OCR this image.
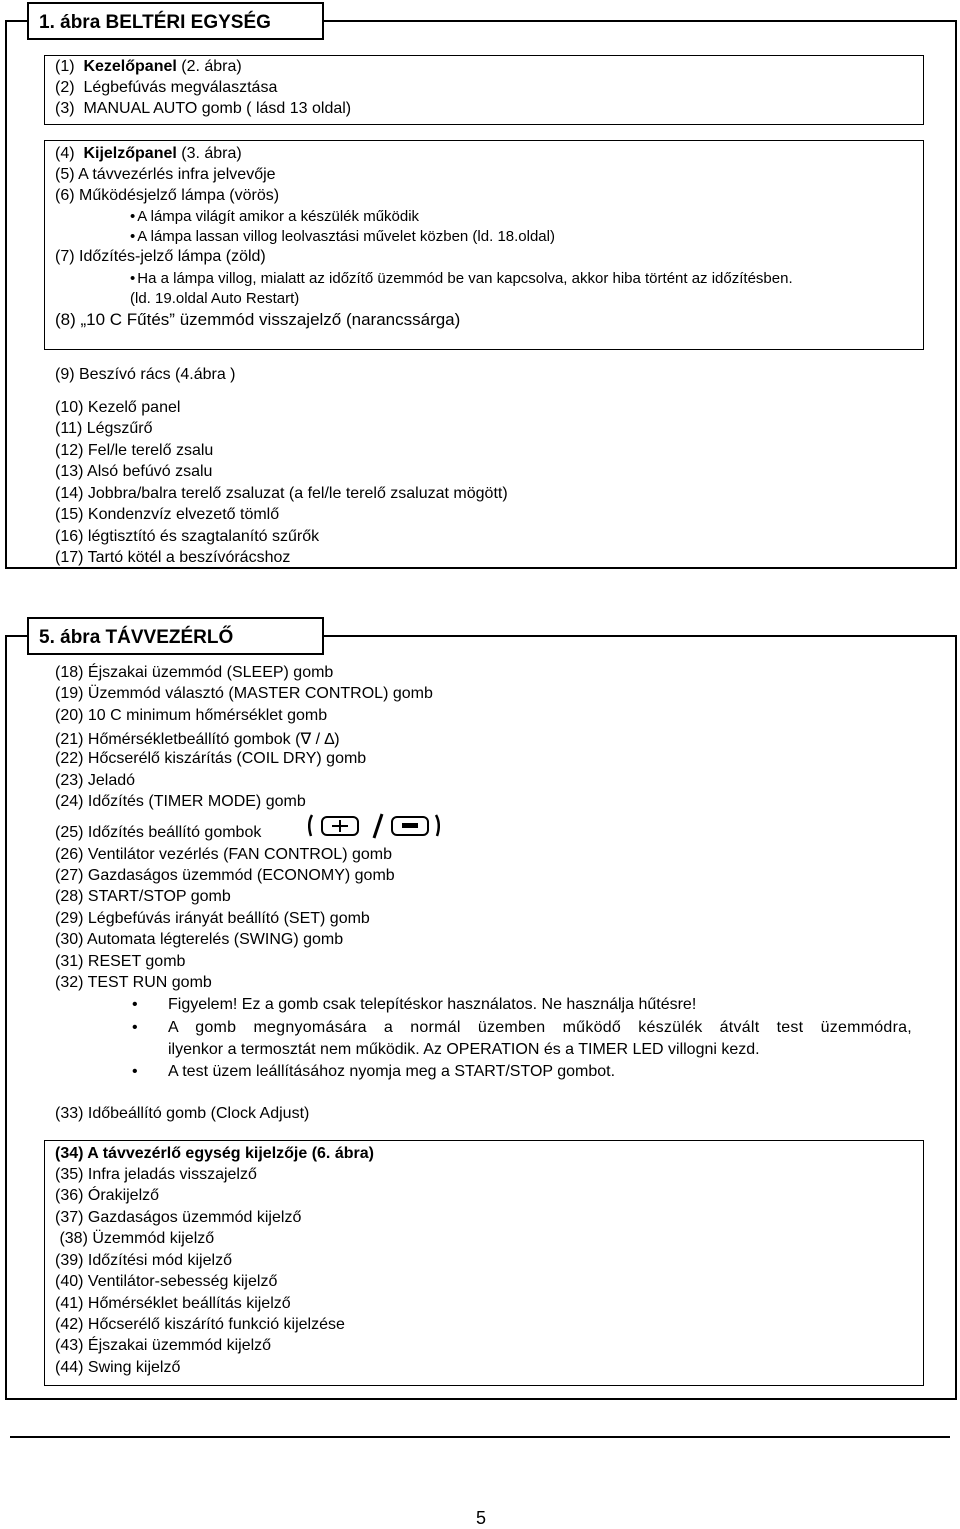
1. ábra BELTÉRI EGYSÉG
(1) Kezelőpanel (2. ábra)
(2) Légbefúvás megválasztása
(3) MANUAL AUTO gomb ( lásd 13 oldal)
(4) Kijelzőpanel (3. ábra)
(5) A távvezérlés infra jelvevője
(6) Működésjelző lámpa (vörös)
• A lámpa világít amikor a készülék működik
• A lámpa lassan villog leolvasztási művelet közben (ld. 18.oldal)
(7) Időzítés-jelző lámpa (zöld)
• Ha a lámpa villog, mialatt az időzítő üzemmód be van kapcsolva, akkor hiba történt az időzítésben.
(ld. 19.oldal Auto Restart)
(8) „10 C Fűtés” üzemmód visszajelző (narancssárga)
(9) Beszívó rács (4.ábra )
(10) Kezelő panel
(11) Légszűrő
(12) Fel/le terelő zsalu
(13) Alsó befúvó zsalu
(14) Jobbra/balra terelő zsaluzat (a fel/le terelő zsaluzat mögött)
(15) Kondenzvíz elvezető tömlő
(16) légtisztító és szagtalanító szűrők
(17) Tartó kötél a beszívórácshoz
5. ábra TÁVVEZÉRLŐ
(18) Éjszakai üzemmód (SLEEP) gomb
(19) Üzemmód választó (MASTER CONTROL) gomb
(20) 10 C minimum hőmérséklet gomb
(21) Hőmérsékletbeállító gombok (∇ / ∆)
(22) Hőcserélő kiszárítás (COIL DRY) gomb
(23) Jeladó
(24) Időzítés (TIMER MODE) gomb
(25) Időzítés beállító gombok
(26) Ventilátor vezérlés (FAN CONTROL) gomb
(27) Gazdaságos üzemmód (ECONOMY) gomb
(28) START/STOP gomb
(29) Légbefúvás irányát beállító (SET) gomb
(30) Automata légterelés (SWING) gomb
(31) RESET gomb
(32) TEST RUN gomb
• Figyelem! Ez a gomb csak telepítéskor használatos. Ne használja hűtésre!
• A gomb megnyomására a normál üzemben működő készülék átvált test üzemmódra,
ilyenkor a termosztát nem működik. Az OPERATION és a TIMER LED villogni kezd.
• A test üzem leállításához nyomja meg a START/STOP gombot.
(33) Időbeállító gomb (Clock Adjust)
(34) A távvezérlő egység kijelzője (6. ábra)
(35) Infra jeladás visszajelző
(36) Órakijelző
(37) Gazdaságos üzemmód kijelző
(38) Üzemmód kijelző
(39) Időzítési mód kijelző
(40) Ventilátor-sebesség kijelző
(41) Hőmérséklet beállítás kijelző
(42) Hőcserélő kiszárító funkció kijelzése
(43) Éjszakai üzemmód kijelző
(44) Swing kijelző
5
